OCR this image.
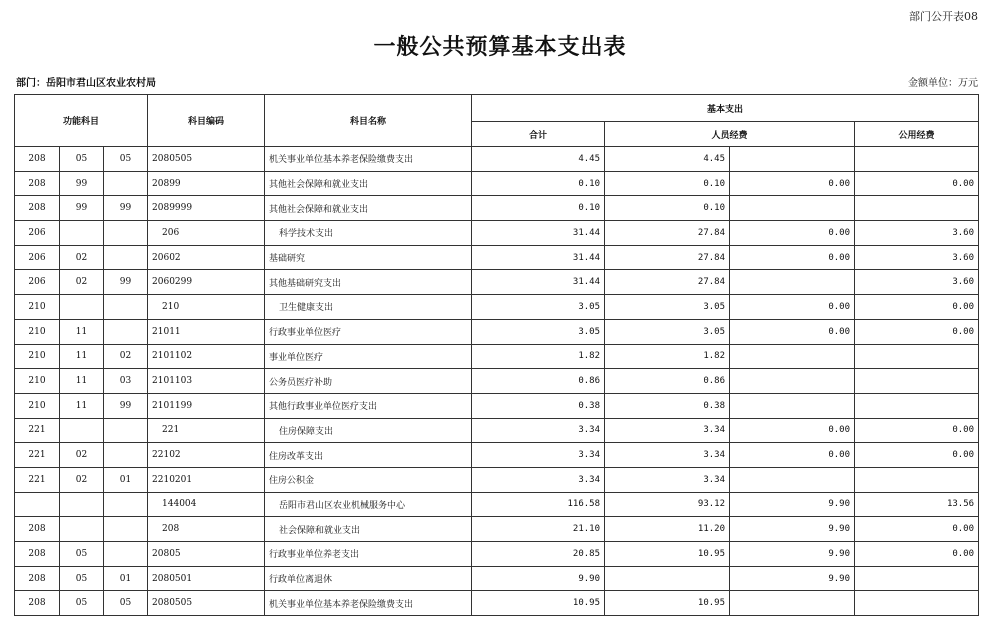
部门公开表08
一般公共预算基本支出表
部门：岳阳市君山区农业农村局	金额单位：万元
功能科目			科目编码	科目名称	基本支出			
					合计	人员经费		公用经费
208	05	05	2080505	机关事业单位基本养老保险缴费支出	4.45	4.45		
208	99		20899	其他社会保障和就业支出	0.10	0.10	0.00	0.00
208	99	99	2089999	其他社会保障和就业支出	0.10	0.10		
206			206	科学技术支出	31.44	27.84	0.00	3.60
206	02		20602	基础研究	31.44	27.84	0.00	3.60
206	02	99	2060299	其他基础研究支出	31.44	27.84		3.60
210			210	卫生健康支出	3.05	3.05	0.00	0.00
210	11		21011	行政事业单位医疗	3.05	3.05	0.00	0.00
210	11	02	2101102	事业单位医疗	1.82	1.82		
210	11	03	2101103	公务员医疗补助	0.86	0.86		
210	11	99	2101199	其他行政事业单位医疗支出	0.38	0.38		
221			221	住房保障支出	3.34	3.34	0.00	0.00
221	02		22102	住房改革支出	3.34	3.34	0.00	0.00
221	02	01	2210201	住房公积金	3.34	3.34		
			144004	岳阳市君山区农业机械服务中心	116.58	93.12	9.90	13.56
208			208	社会保障和就业支出	21.10	11.20	9.90	0.00
208	05		20805	行政事业单位养老支出	20.85	10.95	9.90	0.00
208	05	01	2080501	行政单位离退休	9.90		9.90	
208	05	05	2080505	机关事业单位基本养老保险缴费支出	10.95	10.95		
